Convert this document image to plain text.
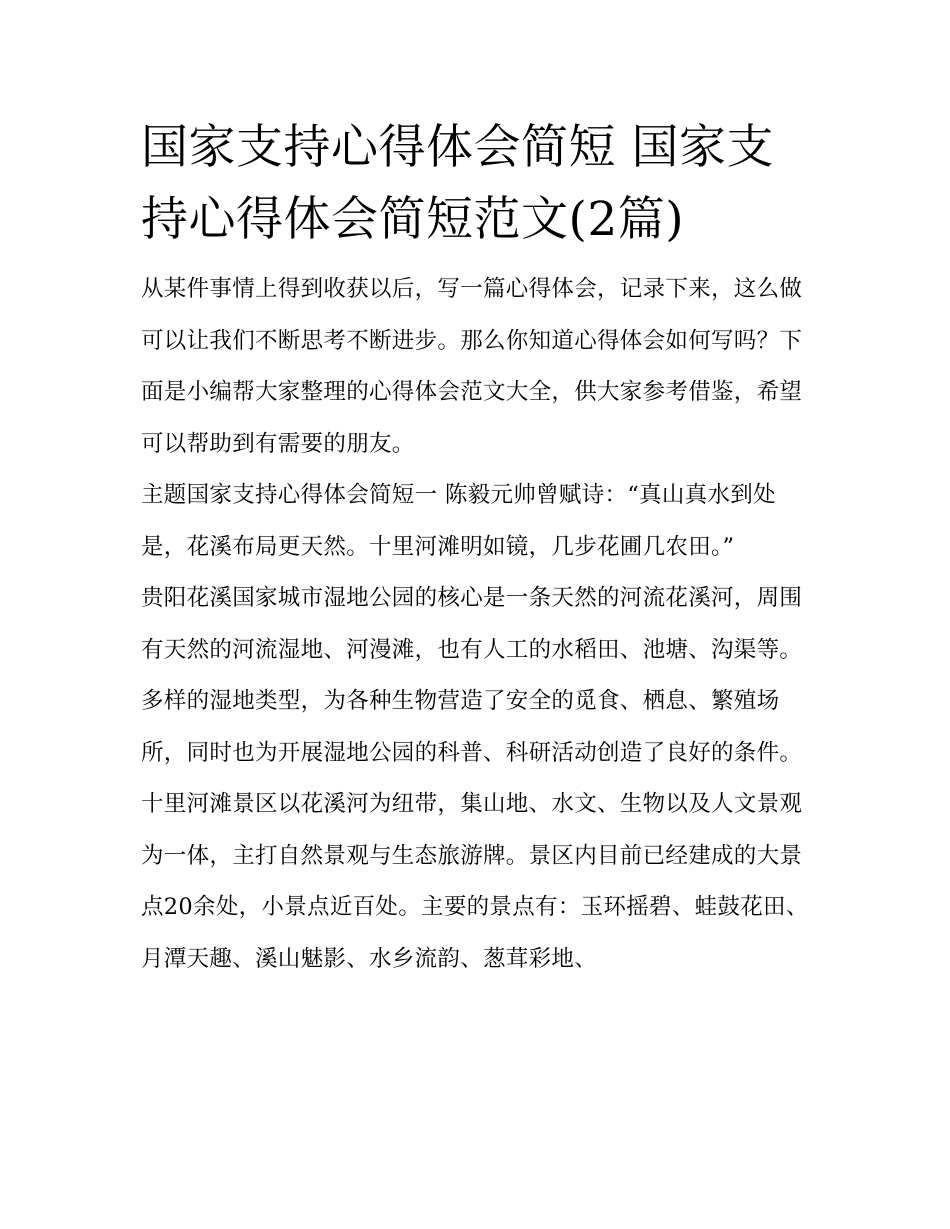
国家支持心得体会简短 国家支持心得体会简短范文(2篇)

从某件事情上得到收获以后，写一篇心得体会，记录下来，这么做可以让我们不断思考不断进步。那么你知道心得体会如何写吗？下面是小编帮大家整理的心得体会范文大全，供大家参考借鉴，希望可以帮助到有需要的朋友。

主题国家支持心得体会简短一 陈毅元帅曾赋诗：“真山真水到处是，花溪布局更天然。十里河滩明如镜，几步花圃几农田。”

贵阳花溪国家城市湿地公园的核心是一条天然的河流花溪河，周围有天然的河流湿地、河漫滩，也有人工的水稻田、池塘、沟渠等。多样的湿地类型，为各种生物营造了安全的觅食、栖息、繁殖场所，同时也为开展湿地公园的科普、科研活动创造了良好的条件。

十里河滩景区以花溪河为纽带，集山地、水文、生物以及人文景观为一体，主打自然景观与生态旅游牌。景区内目前已经建成的大景点20余处，小景点近百处。主要的景点有：玉环摇碧、蛙鼓花田、月潭天趣、溪山魅影、水乡流韵、葱茸彩地、
